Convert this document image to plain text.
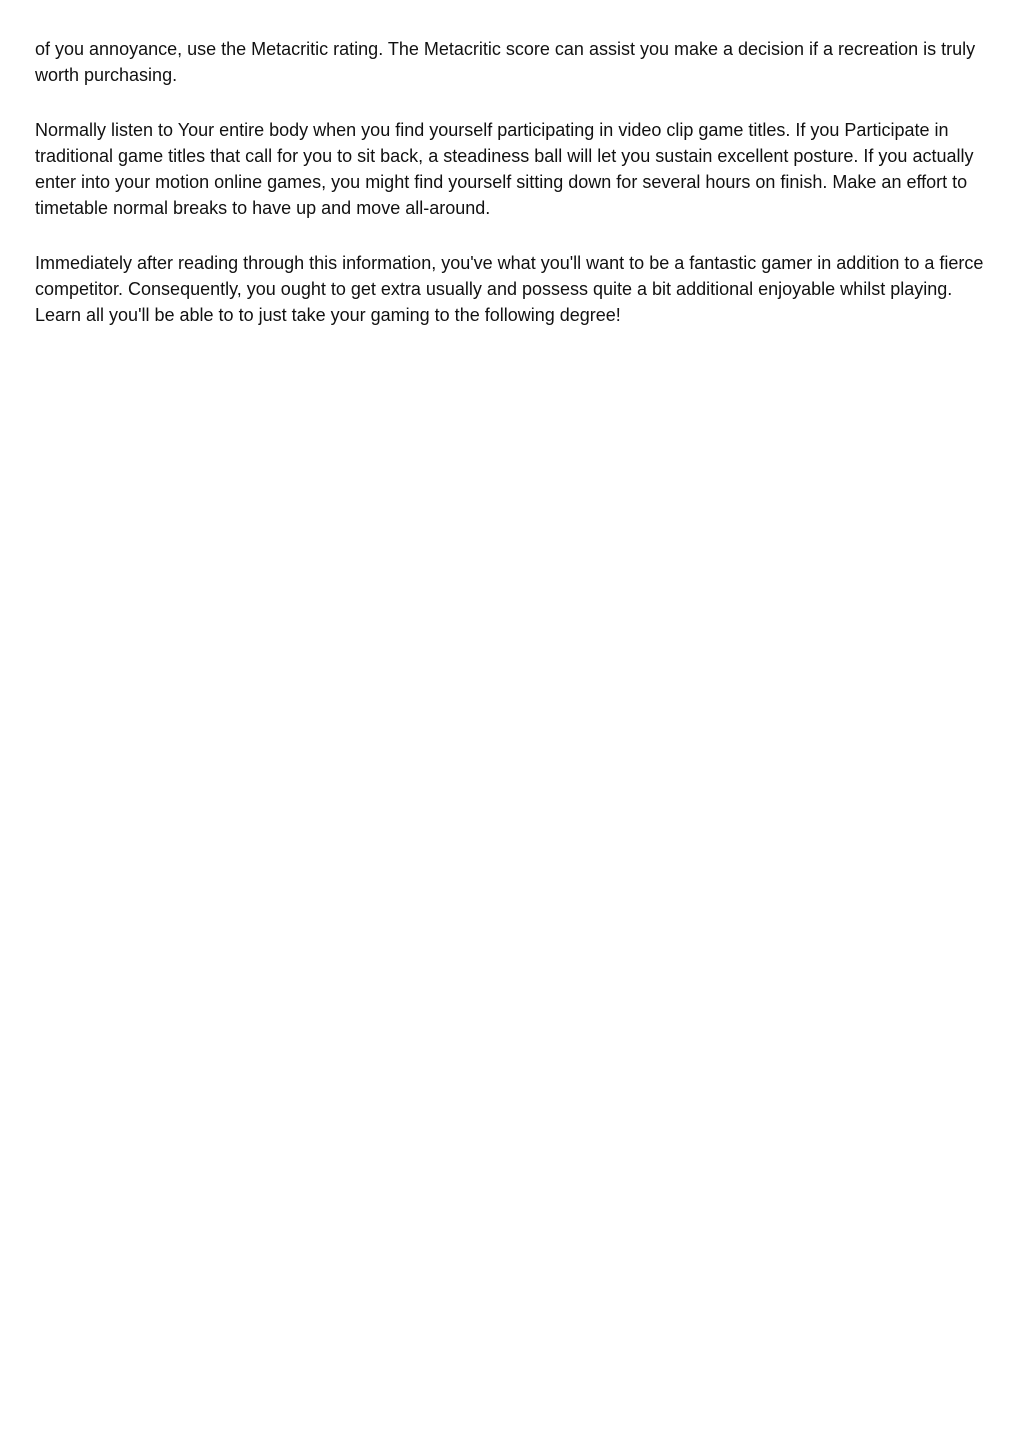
of you annoyance, use the Metacritic rating. The Metacritic score can assist you make a decision if a recreation is truly worth purchasing.

Normally listen to Your entire body when you find yourself participating in video clip game titles. If you Participate in traditional game titles that call for you to sit back, a steadiness ball will let you sustain excellent posture. If you actually enter into your motion online games, you might find yourself sitting down for several hours on finish. Make an effort to timetable normal breaks to have up and move all-around.

Immediately after reading through this information, you've what you'll want to be a fantastic gamer in addition to a fierce competitor. Consequently, you ought to get extra usually and possess quite a bit additional enjoyable whilst playing. Learn all you'll be able to to just take your gaming to the following degree!
